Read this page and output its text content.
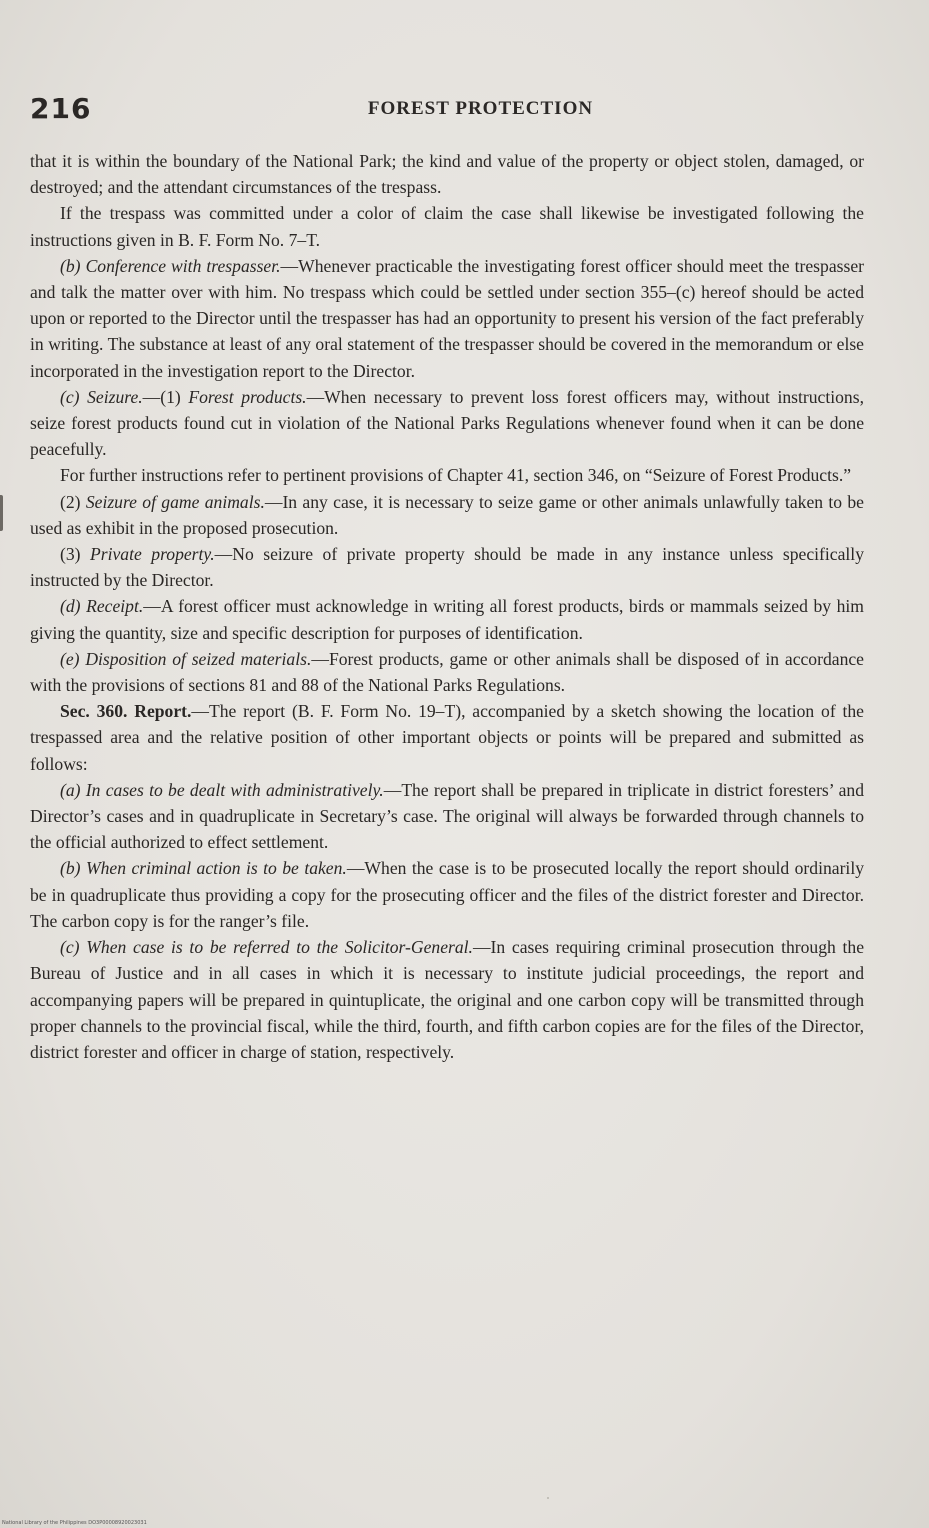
216	FOREST PROTECTION

that it is within the boundary of the National Park; the kind and value of the property or object stolen, damaged, or destroyed; and the attendant circumstances of the trespass.

If the trespass was committed under a color of claim the case shall likewise be investigated following the instructions given in B. F. Form No. 7–T.

(b) Conference with trespasser.—Whenever practicable the investigating forest officer should meet the trespasser and talk the matter over with him. No trespass which could be settled under section 355–(c) hereof should be acted upon or reported to the Director until the trespasser has had an opportunity to present his version of the fact preferably in writing. The substance at least of any oral statement of the trespasser should be covered in the memorandum or else incorporated in the investigation report to the Director.

(c) Seizure.—(1) Forest products.—When necessary to prevent loss forest officers may, without instructions, seize forest products found cut in violation of the National Parks Regulations whenever found when it can be done peacefully.

For further instructions refer to pertinent provisions of Chapter 41, section 346, on “Seizure of Forest Products.”

(2) Seizure of game animals.—In any case, it is necessary to seize game or other animals unlawfully taken to be used as exhibit in the proposed prosecution.

(3) Private property.—No seizure of private property should be made in any instance unless specifically instructed by the Director.

(d) Receipt.—A forest officer must acknowledge in writing all forest products, birds or mammals seized by him giving the quantity, size and specific description for purposes of identification.

(e) Disposition of seized materials.—Forest products, game or other animals shall be disposed of in accordance with the provisions of sections 81 and 88 of the National Parks Regulations.

Sec. 360. Report.—The report (B. F. Form No. 19–T), accompanied by a sketch showing the location of the trespassed area and the relative position of other important objects or points will be prepared and submitted as follows:

(a) In cases to be dealt with administratively.—The report shall be prepared in triplicate in district foresters’ and Director’s cases and in quadruplicate in Secretary’s case. The original will always be forwarded through channels to the official authorized to effect settlement.

(b) When criminal action is to be taken.—When the case is to be prosecuted locally the report should ordinarily be in quadruplicate thus providing a copy for the prosecuting officer and the files of the district forester and Director. The carbon copy is for the ranger’s file.

(c) When case is to be referred to the Solicitor-General.—In cases requiring criminal prosecution through the Bureau of Justice and in all cases in which it is necessary to institute judicial proceedings, the report and accompanying papers will be prepared in quintuplicate, the original and one carbon copy will be transmitted through proper channels to the provincial fiscal, while the third, fourth, and fifth carbon copies are for the files of the Director, district forester and officer in charge of station, respectively.

National Library of the Philippines DO3P00008920023031
